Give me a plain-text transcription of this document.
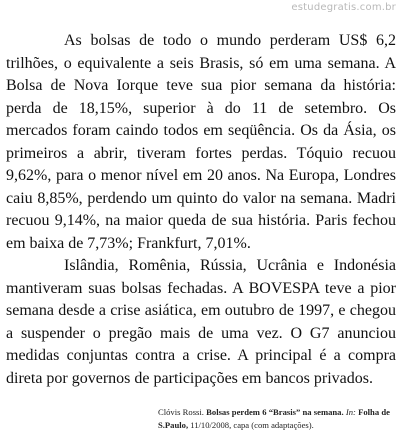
estudegratis.com.br

As bolsas de todo o mundo perderam US$ 6,2 trilhões, o equivalente a seis Brasis, só em uma semana. A Bolsa de Nova Iorque teve sua pior semana da história: perda de 18,15%, superior à do 11 de setembro. Os mercados foram caindo todos em seqüência. Os da Ásia, os primeiros a abrir, tiveram fortes perdas. Tóquio recuou 9,62%, para o menor nível em 20 anos. Na Europa, Londres caiu 8,85%, perdendo um quinto do valor na semana. Madri recuou 9,14%, na maior queda de sua história. Paris fechou em baixa de 7,73%; Frankfurt, 7,01%.

Islândia, Romênia, Rússia, Ucrânia e Indonésia mantiveram suas bolsas fechadas. A BOVESPA teve a pior semana desde a crise asiática, em outubro de 1997, e chegou a suspender o pregão mais de uma vez. O G7 anunciou medidas conjuntas contra a crise. A principal é a compra direta por governos de participações em bancos privados.

Clóvis Rossi. Bolsas perdem 6 “Brasis” na semana. In: Folha de S.Paulo, 11/10/2008, capa (com adaptações).
